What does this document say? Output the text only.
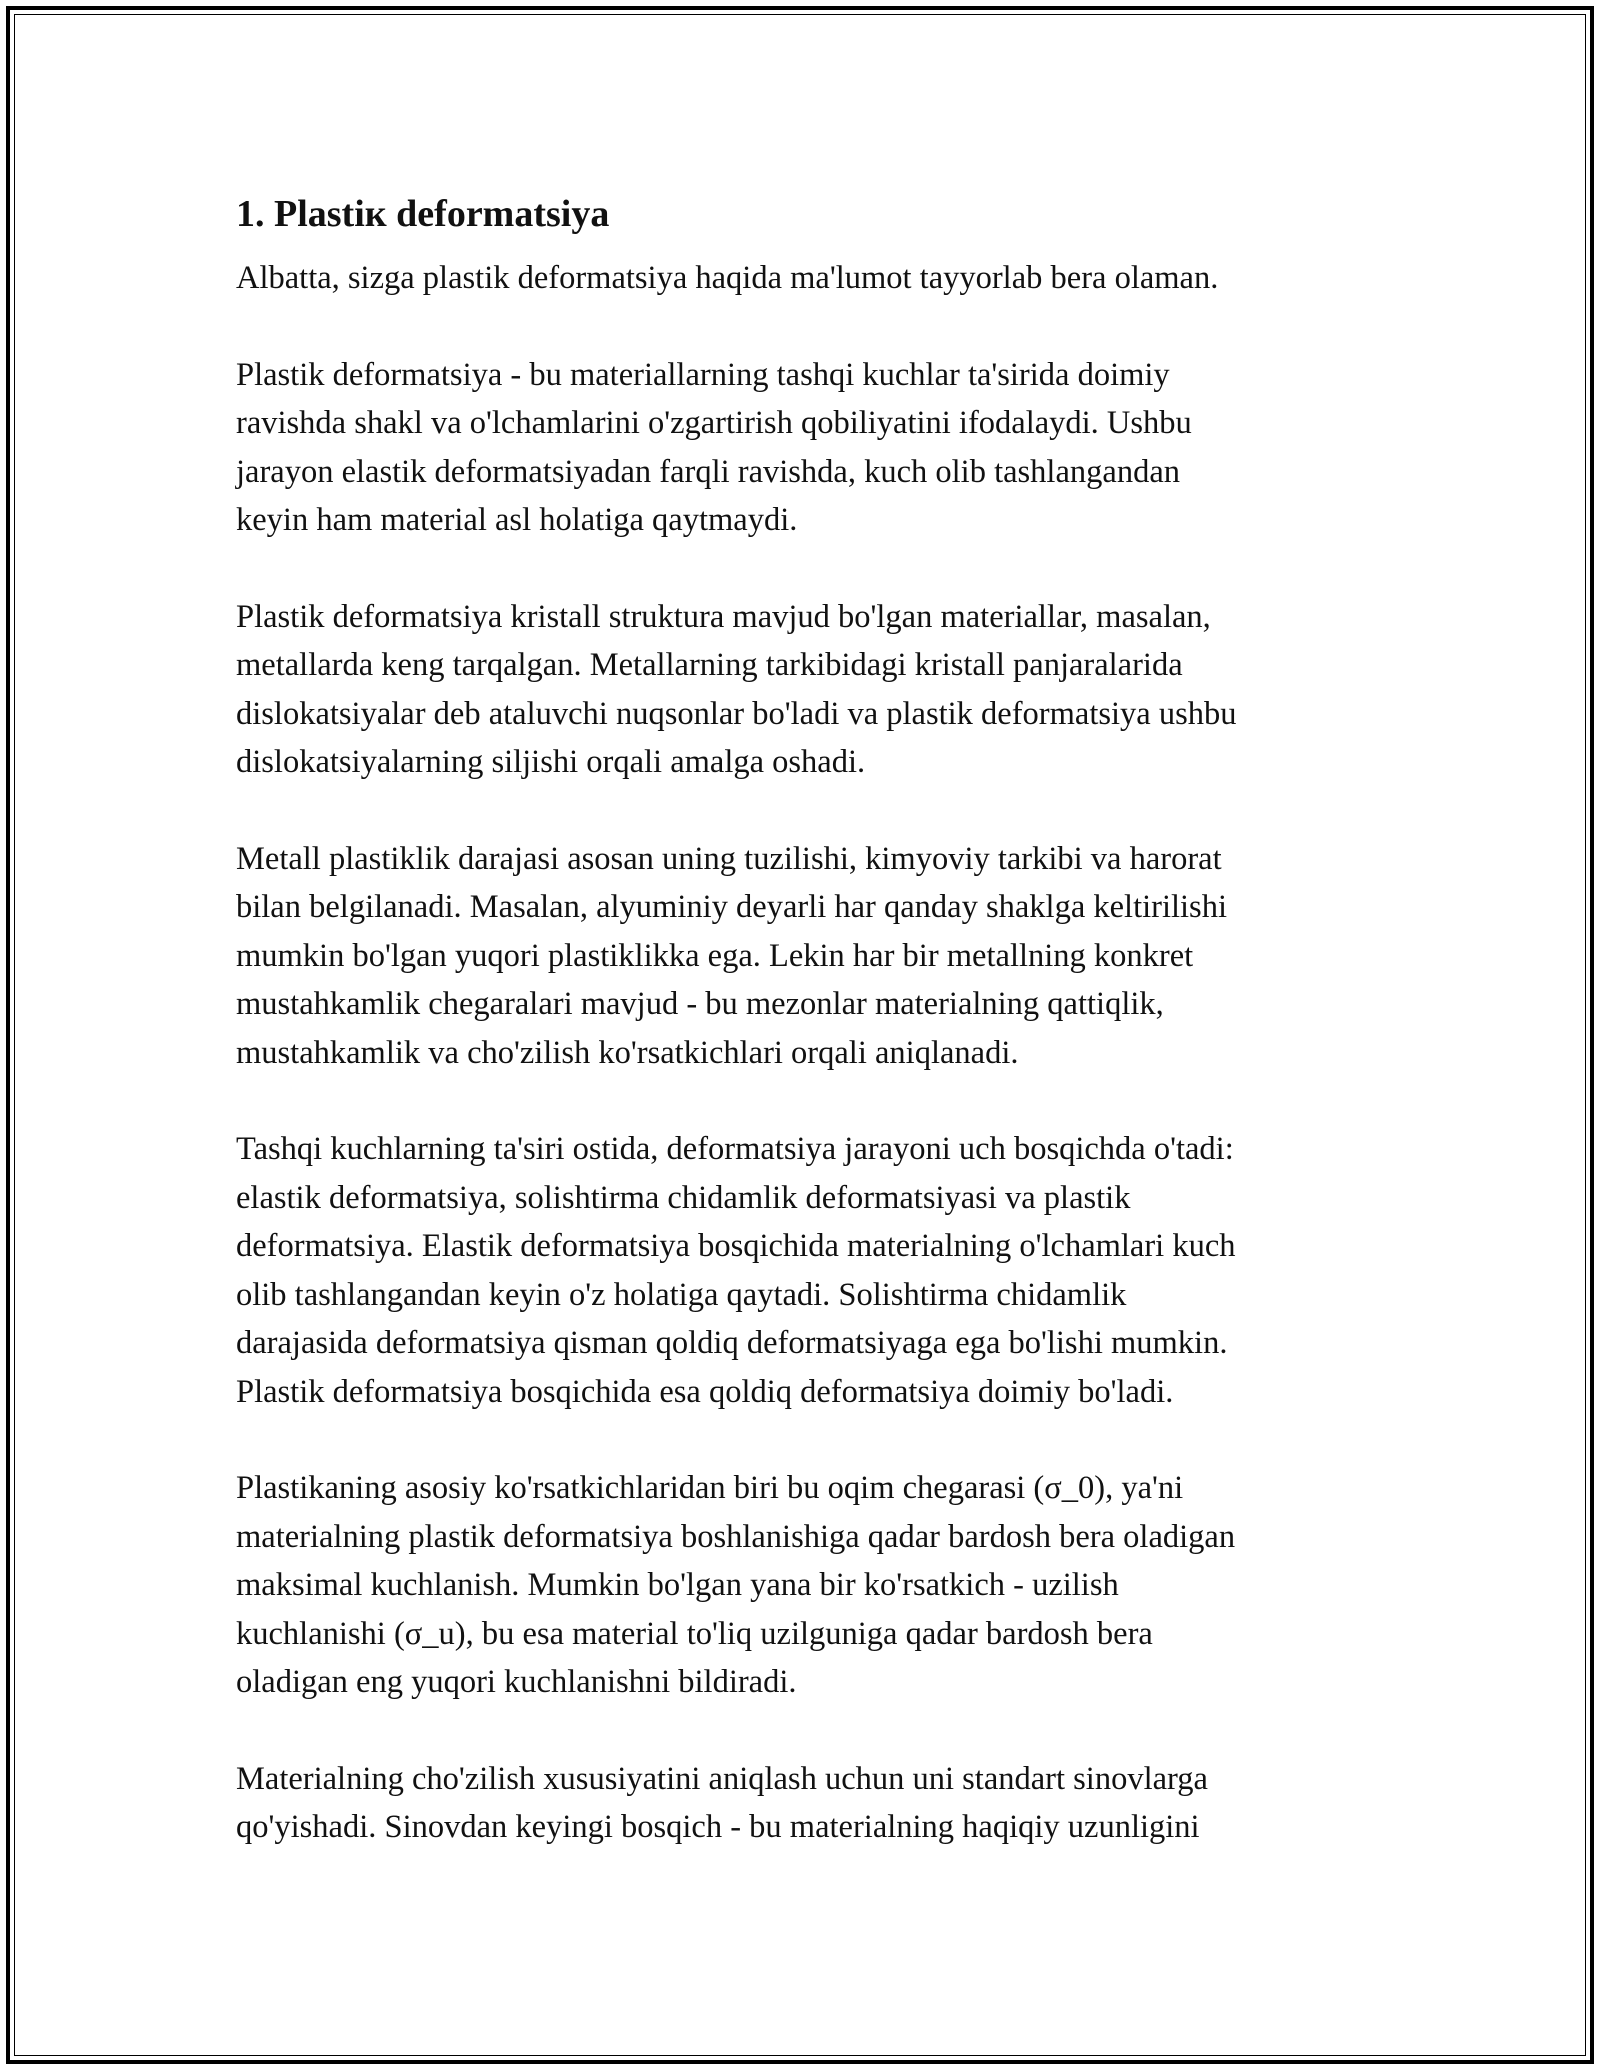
1. Plastiк deformatsiya

Albatta, sizga plastik deformatsiya haqida ma'lumot tayyorlab bera olaman.

Plastik deformatsiya - bu materiallarning tashqi kuchlar ta'sirida doimiy
ravishda shakl va o'lchamlarini o'zgartirish qobiliyatini ifodalaydi. Ushbu
jarayon elastik deformatsiyadan farqli ravishda, kuch olib tashlangandan
keyin ham material asl holatiga qaytmaydi.

Plastik deformatsiya kristall struktura mavjud bo'lgan materiallar, masalan,
metallarda keng tarqalgan. Metallarning tarkibidagi kristall panjaralarida
dislokatsiyalar deb ataluvchi nuqsonlar bo'ladi va plastik deformatsiya ushbu
dislokatsiyalarning siljishi orqali amalga oshadi.

Metall plastiklik darajasi asosan uning tuzilishi, kimyoviy tarkibi va harorat
bilan belgilanadi. Masalan, alyuminiy deyarli har qanday shaklga keltirilishi
mumkin bo'lgan yuqori plastiklikka ega. Lekin har bir metallning konkret
mustahkamlik chegaralari mavjud - bu mezonlar materialning qattiqlik,
mustahkamlik va cho'zilish ko'rsatkichlari orqali aniqlanadi.

Tashqi kuchlarning ta'siri ostida, deformatsiya jarayoni uch bosqichda o'tadi:
elastik deformatsiya, solishtirma chidamlik deformatsiyasi va plastik
deformatsiya. Elastik deformatsiya bosqichida materialning o'lchamlari kuch
olib tashlangandan keyin o'z holatiga qaytadi. Solishtirma chidamlik
darajasida deformatsiya qisman qoldiq deformatsiyaga ega bo'lishi mumkin.
Plastik deformatsiya bosqichida esa qoldiq deformatsiya doimiy bo'ladi.

Plastikaning asosiy ko'rsatkichlaridan biri bu oqim chegarasi (σ_0), ya'ni
materialning plastik deformatsiya boshlanishiga qadar bardosh bera oladigan
maksimal kuchlanish. Mumkin bo'lgan yana bir ko'rsatkich - uzilish
kuchlanishi (σ_u), bu esa material to'liq uzilguniga qadar bardosh bera
oladigan eng yuqori kuchlanishni bildiradi.

Materialning cho'zilish xususiyatini aniqlash uchun uni standart sinovlarga
qo'yishadi. Sinovdan keyingi bosqich - bu materialning haqiqiy uzunligini
